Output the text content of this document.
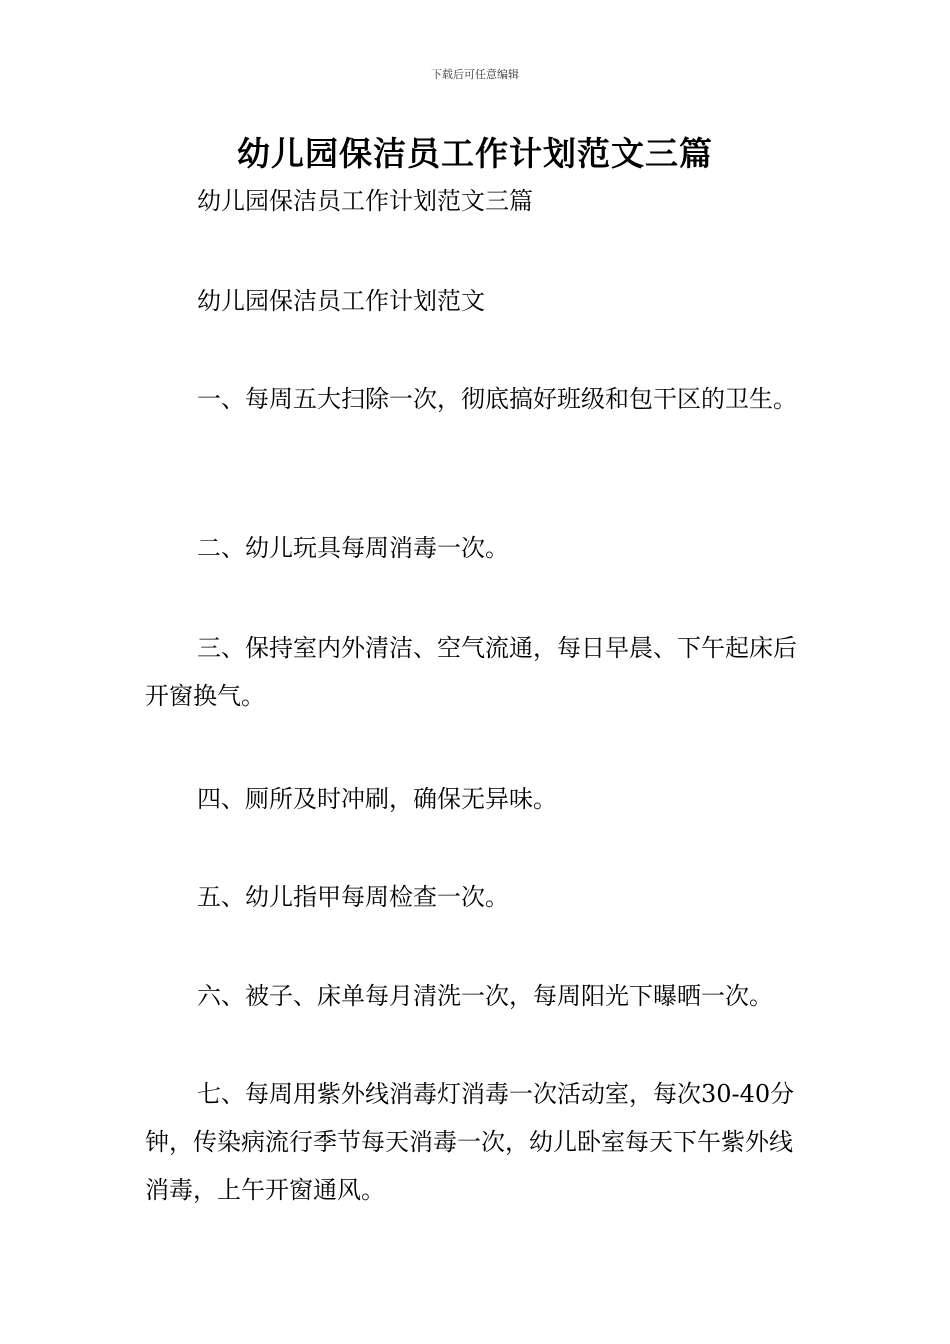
下载后可任意编辑
幼儿园保洁员工作计划范文三篇

幼儿园保洁员工作计划范文三篇

幼儿园保洁员工作计划范文

一、每周五大扫除一次，彻底搞好班级和包干区的卫生。

二、幼儿玩具每周消毒一次。

三、保持室内外清洁、空气流通，每日早晨、下午起床后开窗换气。

四、厕所及时冲刷，确保无异味。

五、幼儿指甲每周检查一次。

六、被子、床单每月清洗一次，每周阳光下曝晒一次。

七、每周用紫外线消毒灯消毒一次活动室，每次30-40分钟，传染病流行季节每天消毒一次，幼儿卧室每天下午紫外线消毒，上午开窗通风。
